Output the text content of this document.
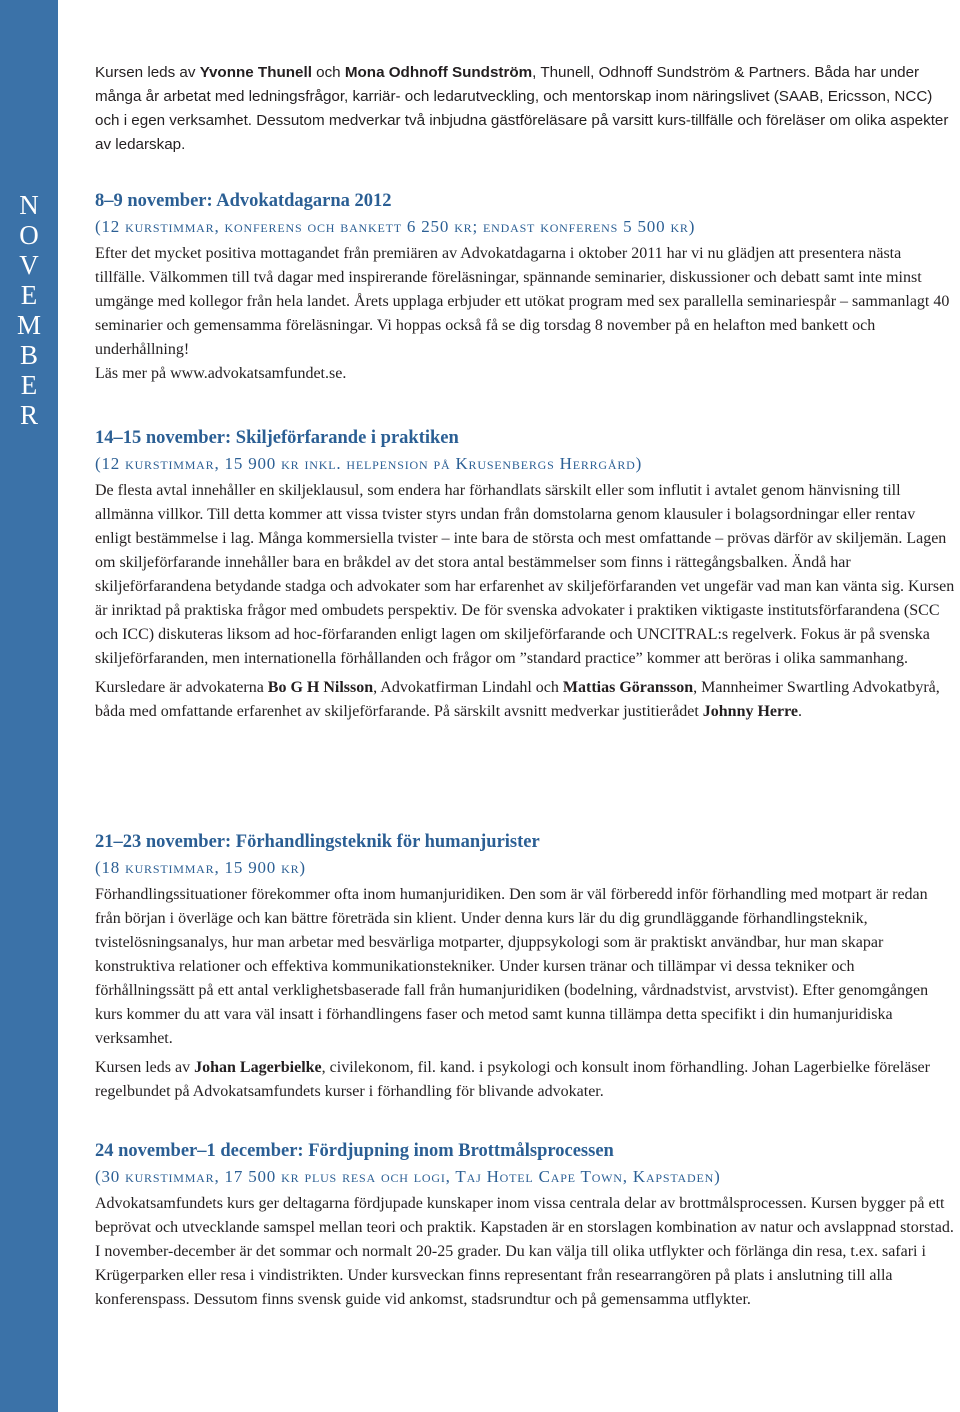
N
O
V
E
M
B
E
R

Kursen leds av Yvonne Thunell och Mona Odhnoff Sundström, Thunell, Odhnoff Sundström & Partners. Båda har under många år arbetat med ledningsfrågor, karriär- och ledarutveckling, och mentorskap inom näringslivet (SAAB, Ericsson, NCC) och i egen verksamhet. Dessutom medverkar två inbjudna gästföreläsare på varsitt kurs-tillfälle och föreläser om olika aspekter av ledarskap.

8–9 november: Advokatdagarna 2012
(12 kurstimmar, konferens och bankett 6 250 kr; endast konferens 5 500 kr)

Efter det mycket positiva mottagandet från premiären av Advokatdagarna i oktober 2011 har vi nu glädjen att presentera nästa tillfälle. Välkommen till två dagar med inspirerande föreläsningar, spännande seminarier, diskussioner och debatt samt inte minst umgänge med kollegor från hela landet. Årets upplaga erbjuder ett utökat program med sex parallella seminariespår – sammanlagt 40 seminarier och gemensamma föreläsningar. Vi hoppas också få se dig torsdag 8 november på en helafton med bankett och underhållning!

Läs mer på www.advokatsamfundet.se.

14–15 november: Skiljeförfarande i praktiken
(12 kurstimmar, 15 900 kr inkl. helpension på Krusenbergs Herrgård)

De flesta avtal innehåller en skiljeklausul, som endera har förhandlats särskilt eller som influtit i avtalet genom hänvisning till allmänna villkor. Till detta kommer att vissa tvister styrs undan från domstolarna genom klausuler i bolagsordningar eller rentav enligt bestämmelse i lag. Många kommersiella tvister – inte bara de största och mest omfattande – prövas därför av skiljemän. Lagen om skiljeförfarande innehåller bara en bråkdel av det stora antal bestämmelser som finns i rättegångsbalken. Ändå har skiljeförfarandena betydande stadga och advokater som har erfarenhet av skiljeförfaranden vet ungefär vad man kan vänta sig. Kursen är inriktad på praktiska frågor med ombudets perspektiv. De för svenska advokater i praktiken viktigaste institutsförfarandena (SCC och ICC) diskuteras liksom ad hoc-förfaranden enligt lagen om skiljeförfarande och UNCITRAL:s regelverk. Fokus är på svenska skiljeförfaranden, men internationella förhållanden och frågor om ”standard practice” kommer att beröras i olika sammanhang.

Kursledare är advokaterna Bo G H Nilsson, Advokatfirman Lindahl och Mattias Göransson, Mannheimer Swartling Advokatbyrå, båda med omfattande erfarenhet av skiljeförfarande. På särskilt avsnitt medverkar justitierådet Johnny Herre.

21–23 november: Förhandlingsteknik för humanjurister
(18 kurstimmar, 15 900 kr)

Förhandlingssituationer förekommer ofta inom humanjuridiken. Den som är väl förberedd inför förhandling med motpart är redan från början i överläge och kan bättre företräda sin klient. Under denna kurs lär du dig grundläggande förhandlingsteknik, tvistelösningsanalys, hur man arbetar med besvärliga motparter, djuppsykologi som är praktiskt användbar, hur man skapar konstruktiva relationer och effektiva kommunikationstekniker. Under kursen tränar och tillämpar vi dessa tekniker och förhållningssätt på ett antal verklighetsbaserade fall från humanjuridiken (bodelning, vårdnadstvist, arvstvist). Efter genomgången kurs kommer du att vara väl insatt i förhandlingens faser och metod samt kunna tillämpa detta specifikt i din humanjuridiska verksamhet.

Kursen leds av Johan Lagerbielke, civilekonom, fil. kand. i psykologi och konsult inom förhandling. Johan Lagerbielke föreläser regelbundet på Advokatsamfundets kurser i förhandling för blivande advokater.

24 november–1 december: Fördjupning inom Brottmålsprocessen
(30 kurstimmar, 17 500 kr plus resa och logi, Taj Hotel Cape Town, Kapstaden)

Advokatsamfundets kurs ger deltagarna fördjupade kunskaper inom vissa centrala delar av brottmålsprocessen. Kursen bygger på ett beprövat och utvecklande samspel mellan teori och praktik. Kapstaden är en storslagen kombination av natur och avslappnad storstad. I november-december är det sommar och normalt 20-25 grader. Du kan välja till olika utflykter och förlänga din resa, t.ex. safari i Krügerparken eller resa i vindistrikten. Under kursveckan finns representant från researrangören på plats i anslutning till alla konferenspass. Dessutom finns svensk guide vid ankomst, stadsrundtur och på gemensamma utflykter.
